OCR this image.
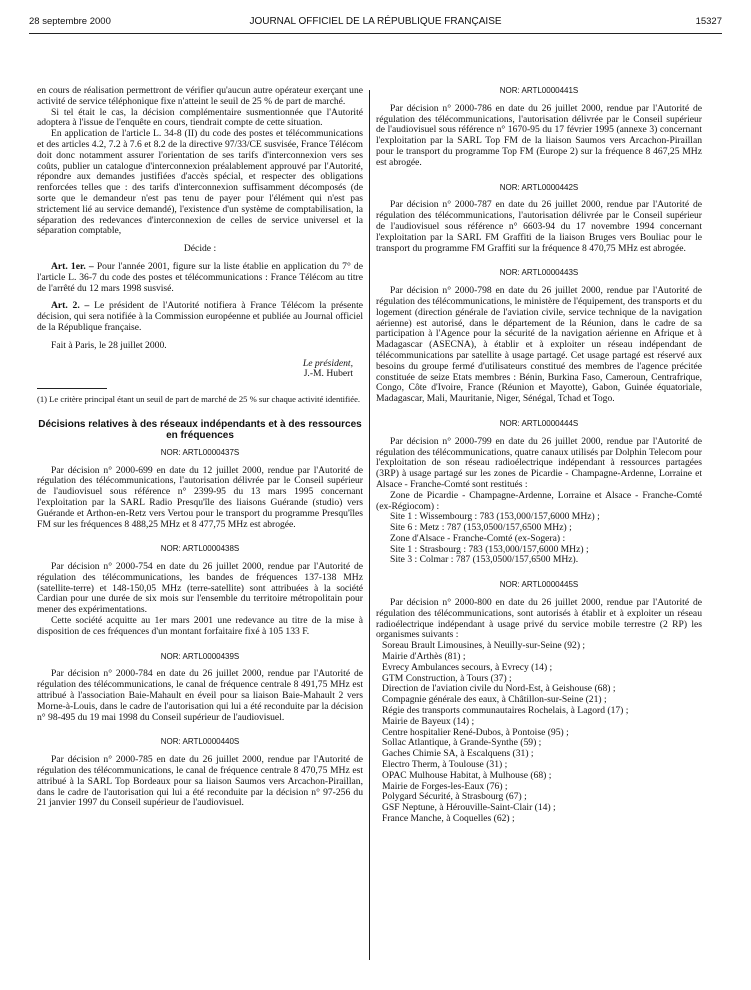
28 septembre 2000	JOURNAL OFFICIEL DE LA RÉPUBLIQUE FRANÇAISE	15327

en cours de réalisation permettront de vérifier qu'aucun autre opérateur exerçant une activité de service téléphonique fixe n'atteint le seuil de 25 % de part de marché.

Si tel était le cas, la décision complémentaire susmentionnée que l'Autorité adoptera à l'issue de l'enquête en cours, tiendrait compte de cette situation.

En application de l'article L. 34-8 (II) du code des postes et télécommunications et des articles 4.2, 7.2 à 7.6 et 8.2 de la directive 97/33/CE susvisée, France Télécom doit donc notamment assurer l'orientation de ses tarifs d'interconnexion vers ses coûts, publier un catalogue d'interconnexion préalablement approuvé par l'Autorité, répondre aux demandes justifiées d'accès spécial, et respecter des obligations renforcées telles que : des tarifs d'interconnexion suffisamment décomposés (de sorte que le demandeur n'est pas tenu de payer pour l'élément qui n'est pas strictement lié au service demandé), l'existence d'un système de comptabilisation, la séparation des redevances d'interconnexion de celles de service universel et la séparation comptable,

Décide :

Art. 1er. – Pour l'année 2001, figure sur la liste établie en application du 7° de l'article L. 36-7 du code des postes et télécommunications : France Télécom au titre de l'arrêté du 12 mars 1998 susvisé.

Art. 2. – Le président de l'Autorité notifiera à France Télécom la présente décision, qui sera notifiée à la Commission européenne et publiée au Journal officiel de la République française.

Fait à Paris, le 28 juillet 2000.

Le président,

J.-M. Hubert

(1) Le critère principal étant un seuil de part de marché de 25 % sur chaque activité identifiée.

Décisions relatives à des réseaux indépendants et à des ressources en fréquences

NOR: ARTL0000437S

Par décision n° 2000-699 en date du 12 juillet 2000, rendue par l'Autorité de régulation des télécommunications, l'autorisation délivrée par le Conseil supérieur de l'audiovisuel sous référence n° 2399-95 du 13 mars 1995 concernant l'exploitation par la SARL Radio Presqu'île des liaisons Guérande (studio) vers Guérande et Arthon-en-Retz vers Vertou pour le transport du programme Presqu'îles FM sur les fréquences 8 488,25 MHz et 8 477,75 MHz est abrogée.

NOR: ARTL0000438S

Par décision n° 2000-754 en date du 26 juillet 2000, rendue par l'Autorité de régulation des télécommunications, les bandes de fréquences 137-138 MHz (satellite-terre) et 148-150,05 MHz (terre-satellite) sont attribuées à la société Cardian pour une durée de six mois sur l'ensemble du territoire métropolitain pour mener des expérimentations.

Cette société acquitte au 1er mars 2001 une redevance au titre de la mise à disposition de ces fréquences d'un montant forfaitaire fixé à 105 133 F.

NOR: ARTL0000439S

Par décision n° 2000-784 en date du 26 juillet 2000, rendue par l'Autorité de régulation des télécommunications, le canal de fréquence centrale 8 491,75 MHz est attribué à l'association Baie-Mahault en éveil pour sa liaison Baie-Mahault 2 vers Morne-à-Louis, dans le cadre de l'autorisation qui lui a été reconduite par la décision n° 98-495 du 19 mai 1998 du Conseil supérieur de l'audiovisuel.

NOR: ARTL0000440S

Par décision n° 2000-785 en date du 26 juillet 2000, rendue par l'Autorité de régulation des télécommunications, le canal de fréquence centrale 8 470,75 MHz est attribué à la SARL Top Bordeaux pour sa liaison Saumos vers Arcachon-Piraillan, dans le cadre de l'autorisation qui lui a été reconduite par la décision n° 97-256 du 21 janvier 1997 du Conseil supérieur de l'audiovisuel.

NOR: ARTL0000441S

Par décision n° 2000-786 en date du 26 juillet 2000, rendue par l'Autorité de régulation des télécommunications, l'autorisation délivrée par le Conseil supérieur de l'audiovisuel sous référence n° 1670-95 du 17 février 1995 (annexe 3) concernant l'exploitation par la SARL Top FM de la liaison Saumos vers Arcachon-Piraillan pour le transport du programme Top FM (Europe 2) sur la fréquence 8 467,25 MHz est abrogée.

NOR: ARTL0000442S

Par décision n° 2000-787 en date du 26 juillet 2000, rendue par l'Autorité de régulation des télécommunications, l'autorisation délivrée par le Conseil supérieur de l'audiovisuel sous référence n° 6603-94 du 17 novembre 1994 concernant l'exploitation par la SARL FM Graffiti de la liaison Bruges vers Bouliac pour le transport du programme FM Graffiti sur la fréquence 8 470,75 MHz est abrogée.

NOR: ARTL0000443S

Par décision n° 2000-798 en date du 26 juillet 2000, rendue par l'Autorité de régulation des télécommunications, le ministère de l'équipement, des transports et du logement (direction générale de l'aviation civile, service technique de la navigation aérienne) est autorisé, dans le département de la Réunion, dans le cadre de sa participation à l'Agence pour la sécurité de la navigation aérienne en Afrique et à Madagascar (ASECNA), à établir et à exploiter un réseau indépendant de télécommunications par satellite à usage partagé. Cet usage partagé est réservé aux besoins du groupe fermé d'utilisateurs constitué des membres de l'agence précitée constituée de seize Etats membres : Bénin, Burkina Faso, Cameroun, Centrafrique, Congo, Côte d'Ivoire, France (Réunion et Mayotte), Gabon, Guinée équatoriale, Madagascar, Mali, Mauritanie, Niger, Sénégal, Tchad et Togo.

NOR: ARTL0000444S

Par décision n° 2000-799 en date du 26 juillet 2000, rendue par l'Autorité de régulation des télécommunications, quatre canaux utilisés par Dolphin Telecom pour l'exploitation de son réseau radioélectrique indépendant à ressources partagées (3RP) à usage partagé sur les zones de Picardie - Champagne-Ardenne, Lorraine et Alsace - Franche-Comté sont restitués :

Zone de Picardie - Champagne-Ardenne, Lorraine et Alsace - Franche-Comté (ex-Régiocom) :

Site 1 : Wissembourg : 783 (153,000/157,6000 MHz) ;

Site 6 : Metz : 787 (153,0500/157,6500 MHz) ;

Zone d'Alsace - Franche-Comté (ex-Sogera) :

Site 1 : Strasbourg : 783 (153,000/157,6000 MHz) ;

Site 3 : Colmar : 787 (153,0500/157,6500 MHz).

NOR: ARTL0000445S

Par décision n° 2000-800 en date du 26 juillet 2000, rendue par l'Autorité de régulation des télécommunications, sont autorisés à établir et à exploiter un réseau radioélectrique indépendant à usage privé du service mobile terrestre (2 RP) les organismes suivants :

Soreau Brault Limousines, à Neuilly-sur-Seine (92) ;

Mairie d'Arthès (81) ;

Evrecy Ambulances secours, à Evrecy (14) ;

GTM Construction, à Tours (37) ;

Direction de l'aviation civile du Nord-Est, à Geishouse (68) ;

Compagnie générale des eaux, à Châtillon-sur-Seine (21) ;

Régie des transports communautaires Rochelais, à Lagord (17) ;

Mairie de Bayeux (14) ;

Centre hospitalier René-Dubos, à Pontoise (95) ;

Sollac Atlantique, à Grande-Synthe (59) ;

Gaches Chimie SA, à Escalquens (31) ;

Electro Therm, à Toulouse (31) ;

OPAC Mulhouse Habitat, à Mulhouse (68) ;

Mairie de Forges-les-Eaux (76) ;

Polygard Sécurité, à Strasbourg (67) ;

GSF Neptune, à Hérouville-Saint-Clair (14) ;

France Manche, à Coquelles (62) ;
